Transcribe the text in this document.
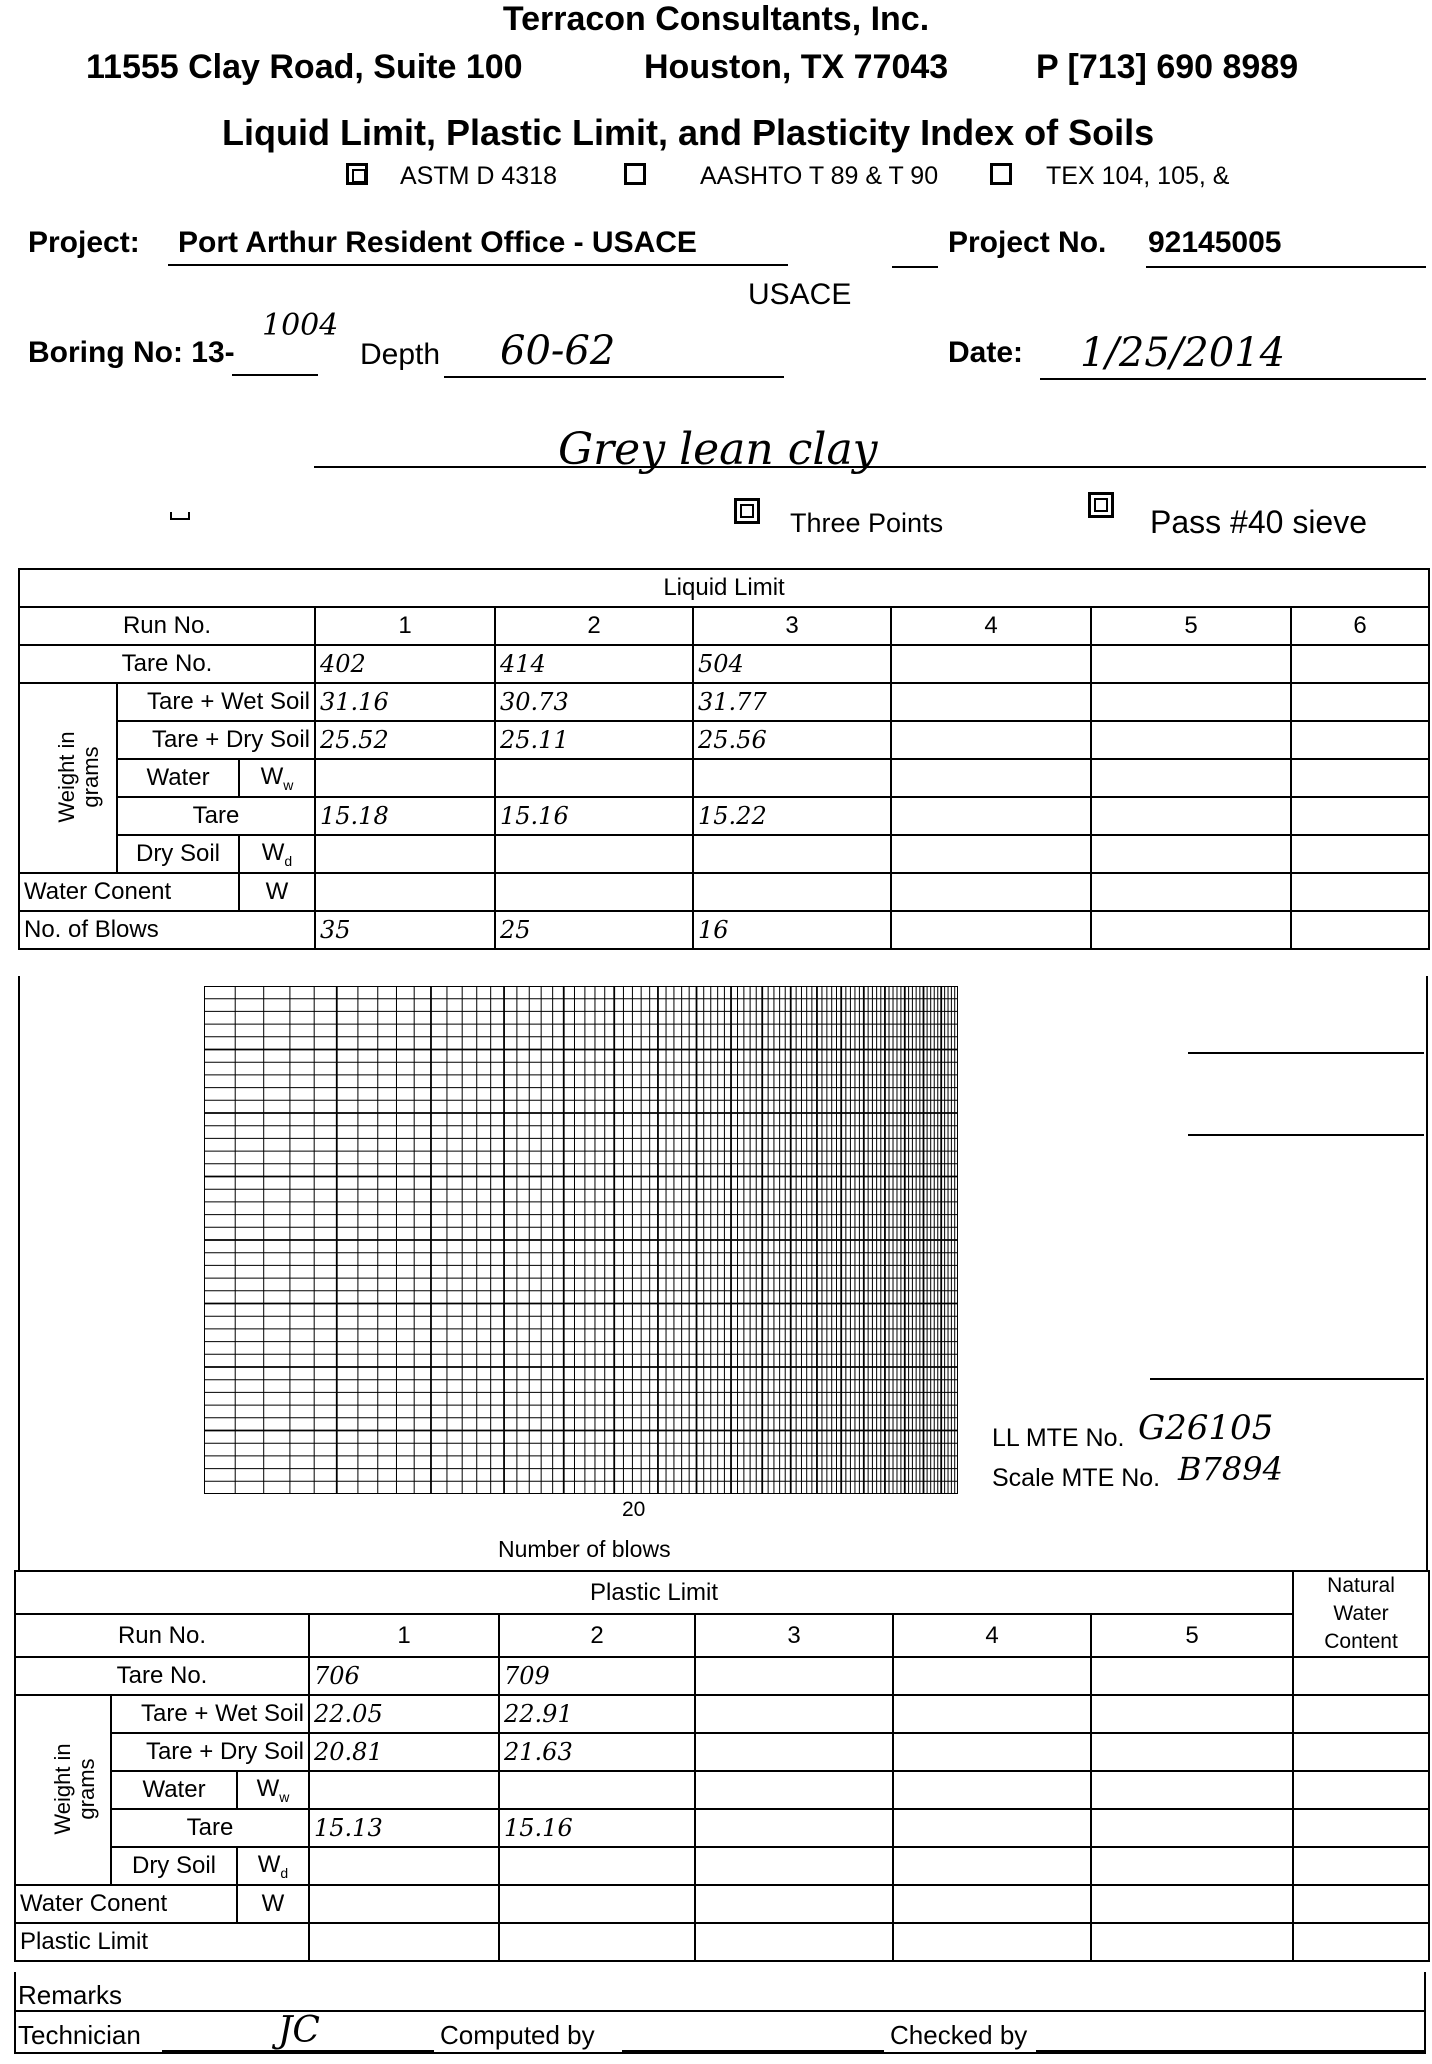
Terracon Consultants, Inc.
11555 Clay Road, Suite 100	Houston, TX 77043	P [713] 690 8989
Liquid Limit, Plastic Limit, and Plasticity Index of Soils
ASTM D 4318	AASHTO T 89 & T 90	TEX 104, 105, &
Project: Port Arthur Resident Office - USACE	Project No. 92145005
USACE
Boring No: 13-
1004
Depth 60-62	Date: 1/25/2014
Grey lean clay
Three Points	Pass #40 sieve
Liquid Limit								
Run No.			1	2	3	4	5	6
Tare No.			402	414	504			
Weight in grams	Tare + Wet Soil		31.16	30.73	31.77			
	Tare + Dry Soil		25.52	25.11	25.56			
	Water	$W_w$						
	Tare		15.18	15.16	15.22			
	Dry Soil	$W_d$						
Water Conent		W						
No. of Blows			35	25	16			
20
Number of blows
LL MTE No. G26105
Scale MTE No. B7894
Plastic Limit								Natural Water Content
Run No.			1	2	3	4	5	
Tare No.			706	709				
Weight in grams	Tare + Wet Soil		22.05	22.91				
	Tare + Dry Soil		20.81	21.63				
	Water	$W_w$						
	Tare		15.13	15.16				
	Dry Soil	$W_d$						
Water Conent		W						
Plastic Limit								
Remarks
Technician	JC	Computed by	Checked by
